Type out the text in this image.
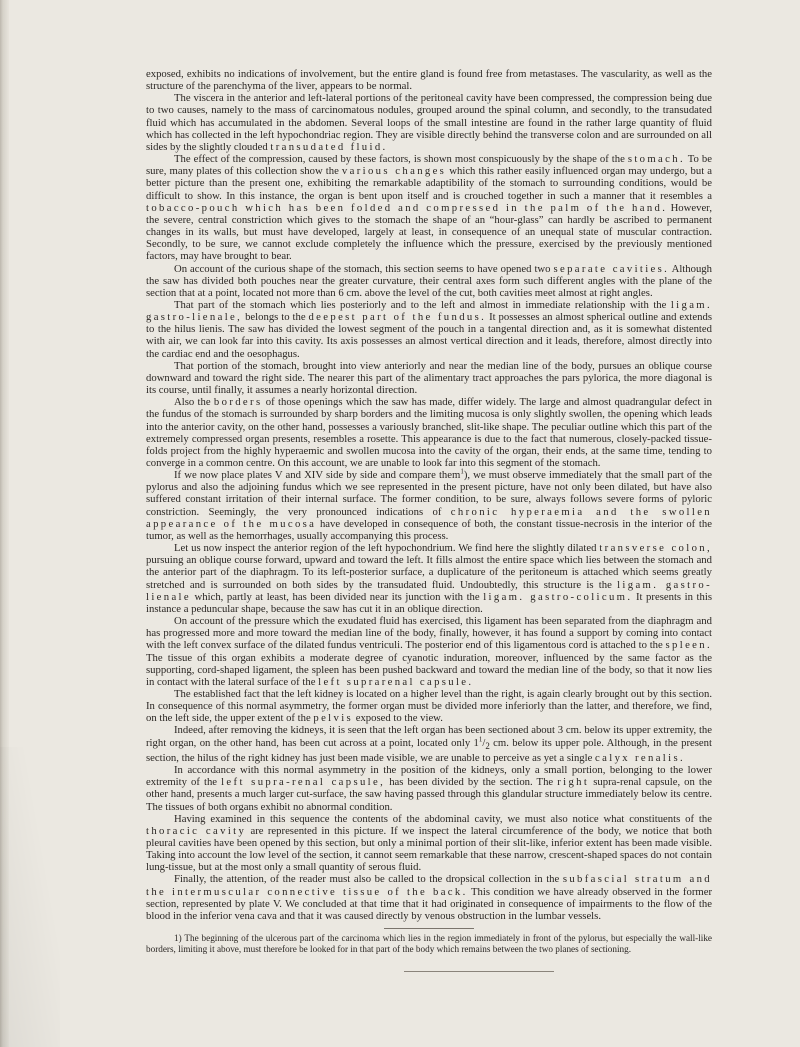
exposed, exhibits no indications of involvement, but the entire gland is found free from metastases. The vascularity, as well as the structure of the parenchyma of the liver, appears to be normal.

The viscera in the anterior and left-lateral portions of the peritoneal cavity have been compressed, the compression being due to two causes, namely to the mass of carcinomatous nodules, grouped around the spinal column, and secondly, to the transudated fluid which has accumulated in the abdomen. Several loops of the small intestine are found in the rather large quantity of fluid which has collected in the left hypochondriac region. They are visible directly behind the transverse colon and are surrounded on all sides by the slightly clouded transudated fluid.

The effect of the compression, caused by these factors, is shown most conspicuously by the shape of the stomach. To be sure, many plates of this collection show the various changes which this rather easily influenced organ may undergo, but a better picture than the present one, exhibiting the remarkable adaptibility of the stomach to surrounding conditions, would be difficult to show. In this instance, the organ is bent upon itself and is crouched together in such a manner that it resembles a tobacco-pouch which has been folded and compressed in the palm of the hand. However, the severe, central constriction which gives to the stomach the shape of an “hour-glass” can hardly be ascribed to permanent changes in its walls, but must have developed, largely at least, in consequence of an unequal state of muscular contraction. Secondly, to be sure, we cannot exclude completely the influence which the pressure, exercised by the previously mentioned factors, may have brought to bear.

On account of the curious shape of the stomach, this section seems to have opened two separate cavities. Although the saw has divided both pouches near the greater curvature, their central axes form such different angles with the plane of the section that at a point, located not more than 6 cm. above the level of the cut, both cavities meet almost at right angles.

That part of the stomach which lies posteriorly and to the left and almost in immediate relationship with the ligam. gastro-lienale, belongs to the deepest part of the fundus. It possesses an almost spherical outline and extends to the hilus lienis. The saw has divided the lowest segment of the pouch in a tangental direction and, as it is somewhat distented with air, we can look far into this cavity. Its axis possesses an almost vertical direction and it leads, therefore, almost directly into the cardiac end and the oesophagus.

That portion of the stomach, brought into view anteriorly and near the median line of the body, pursues an oblique course downward and toward the right side. The nearer this part of the alimentary tract approaches the pars pylorica, the more diagonal is its course, until finally, it assumes a nearly horizontal direction.

Also the borders of those openings which the saw has made, differ widely. The large and almost quadrangular defect in the fundus of the stomach is surrounded by sharp borders and the limiting mucosa is only slightly swollen, the opening which leads into the anterior cavity, on the other hand, possesses a variously branched, slit-like shape. The peculiar outline which this part of the extremely compressed organ presents, resembles a rosette. This appearance is due to the fact that numerous, closely-packed tissue-folds project from the highly hyperaemic and swollen mucosa into the cavity of the organ, their ends, at the same time, tending to converge in a common centre. On this account, we are unable to look far into this segment of the stomach.

If we now place plates V and XIV side by side and compare them$^1$), we must observe immediately that the small part of the pylorus and also the adjoining fundus which we see represented in the present picture, have not only been dilated, but have also suffered constant irritation of their internal surface. The former condition, to be sure, always follows severe forms of pyloric constriction. Seemingly, the very pronounced indications of chronic hyperaemia and the swollen appearance of the mucosa have developed in consequence of both, the constant tissue-necrosis in the interior of the tumor, as well as the hemorrhages, usually accompanying this process.

Let us now inspect the anterior region of the left hypochondrium. We find here the slightly dilated transverse colon, pursuing an oblique course forward, upward and toward the left. It fills almost the entire space which lies between the stomach and the anterior part of the diaphragm. To its left-posterior surface, a duplicature of the peritoneum is attached which seems greatly stretched and is surrounded on both sides by the transudated fluid. Undoubtedly, this structure is the ligam. gastro-lienale which, partly at least, has been divided near its junction with the ligam. gastro-colicum. It presents in this instance a peduncular shape, because the saw has cut it in an oblique direction.

On account of the pressure which the exudated fluid has exercised, this ligament has been separated from the diaphragm and has progressed more and more toward the median line of the body, finally, however, it has found a support by coming into contact with the left convex surface of the dilated fundus ventriculi. The posterior end of this ligamentous cord is attached to the spleen. The tissue of this organ exhibits a moderate degree of cyanotic induration, moreover, influenced by the same factor as the supporting, cord-shaped ligament, the spleen has been pushed backward and toward the median line of the body, so that it now lies in contact with the lateral surface of the left suprarenal capsule.

The established fact that the left kidney is located on a higher level than the right, is again clearly brought out by this section. In consequence of this normal asymmetry, the former organ must be divided more inferiorly than the latter, and therefore, we find, on the left side, the upper extent of the pelvis exposed to the view.

Indeed, after removing the kidneys, it is seen that the left organ has been sectioned about 3 cm. below its upper extremity, the right organ, on the other hand, has been cut across at a point, located only $1^1/_2$ cm. below its upper pole. Although, in the present section, the hilus of the right kidney has just been made visible, we are unable to perceive as yet a single calyx renalis.

In accordance with this normal asymmetry in the position of the kidneys, only a small portion, belonging to the lower extremity of the left supra-renal capsule, has been divided by the section. The right supra-renal capsule, on the other hand, presents a much larger cut-surface, the saw having passed through this glandular structure immediately below its centre. The tissues of both organs exhibit no abnormal condition.

Having examined in this sequence the contents of the abdominal cavity, we must also notice what constituents of the thoracic cavity are represented in this picture. If we inspect the lateral circumference of the body, we notice that both pleural cavities have been opened by this section, but only a minimal portion of their slit-like, inferior extent has been made visible. Taking into account the low level of the section, it cannot seem remarkable that these narrow, crescent-shaped spaces do not contain lung-tissue, but at the most only a small quantity of serous fluid.

Finally, the attention, of the reader must also be called to the dropsical collection in the subfascial stratum and the intermuscular connective tissue of the back. This condition we have already observed in the former section, represented by plate V. We concluded at that time that it had originated in consequence of impairments to the flow of the blood in the inferior vena cava and that it was caused directly by venous obstruction in the lumbar vessels.

1) The beginning of the ulcerous part of the carcinoma which lies in the region immediately in front of the pylorus, but especially the wall-like borders, limiting it above, must therefore be looked for in that part of the body which remains between the two planes of sectioning.
